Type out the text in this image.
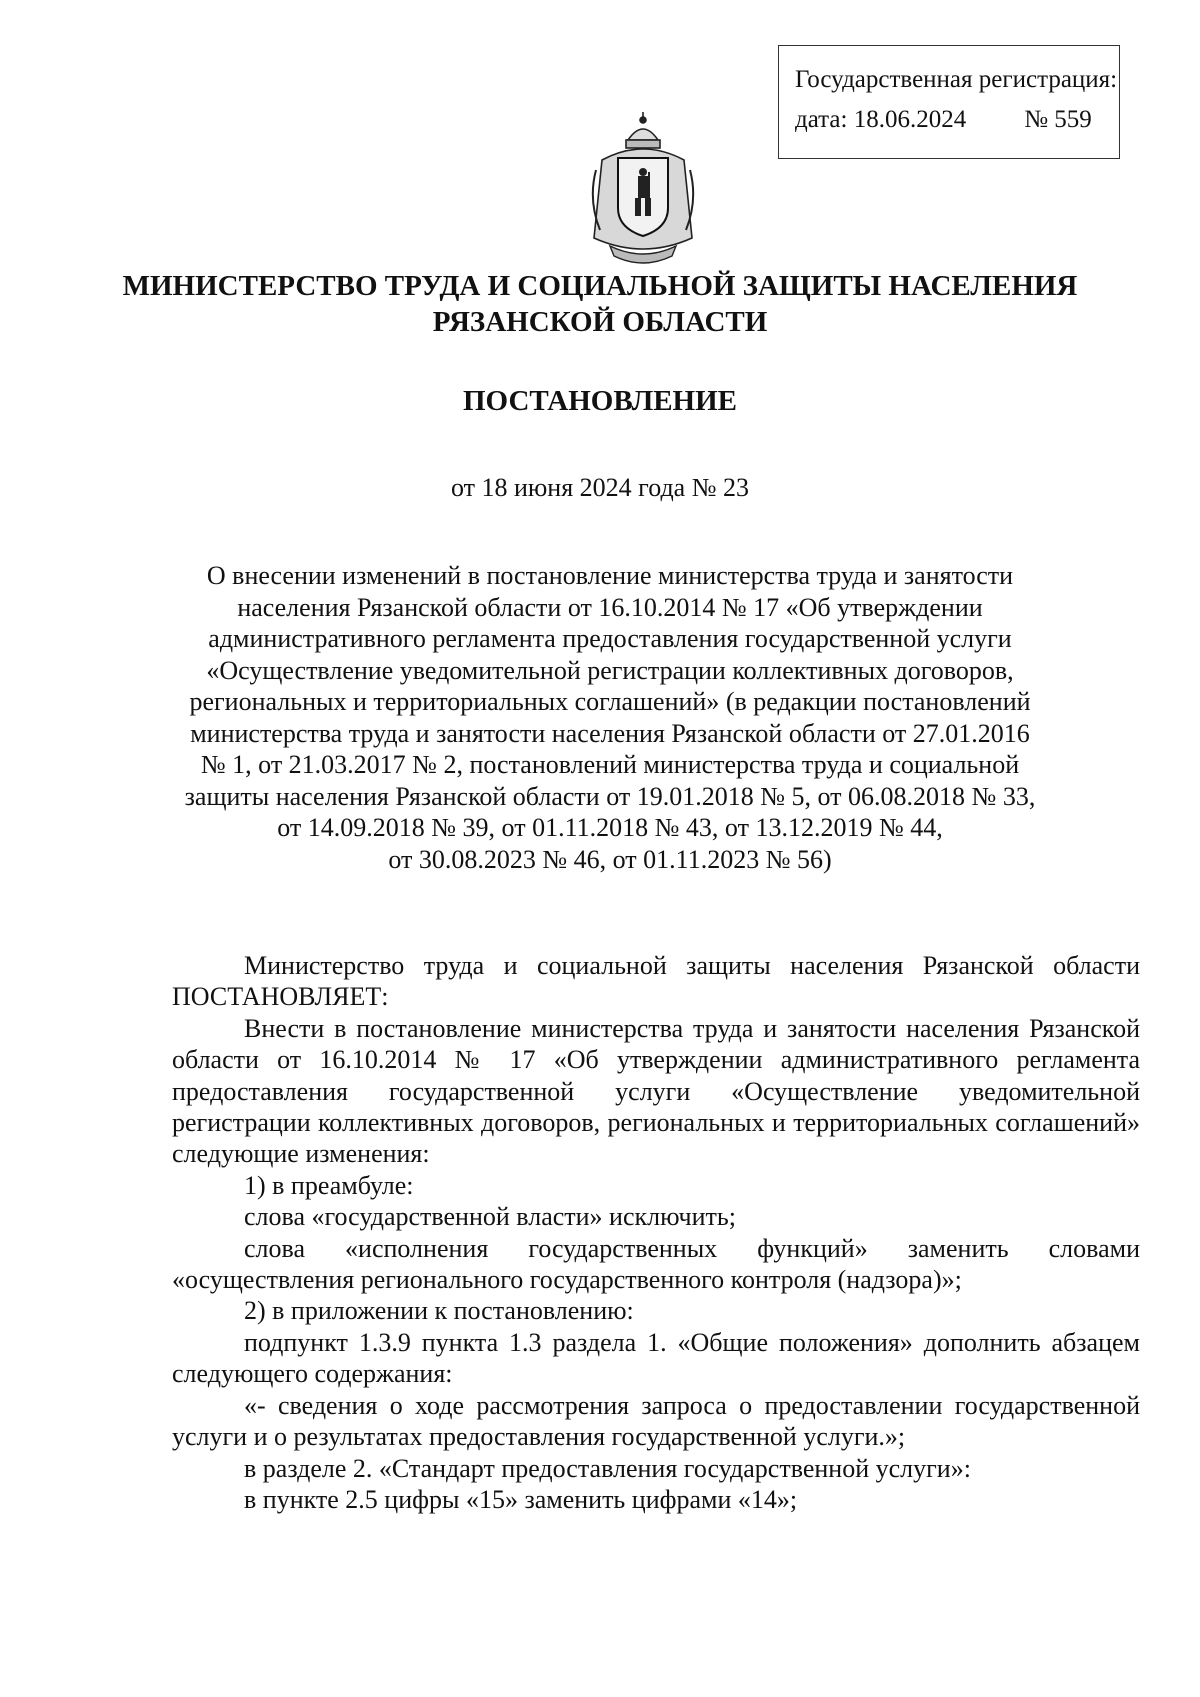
Государственная регистрация:
дата: 18.06.2024 № 559
МИНИСТЕРСТВО ТРУДА И СОЦИАЛЬНОЙ ЗАЩИТЫ НАСЕЛЕНИЯ
РЯЗАНСКОЙ ОБЛАСТИ
ПОСТАНОВЛЕНИЕ
от 18 июня 2024 года № 23
О внесении изменений в постановление министерства труда и занятости
населения Рязанской области от 16.10.2014 № 17 «Об утверждении
административного регламента предоставления государственной услуги
«Осуществление уведомительной регистрации коллективных договоров,
региональных и территориальных соглашений» (в редакции постановлений
министерства труда и занятости населения Рязанской области от 27.01.2016
№ 1, от 21.03.2017 № 2, постановлений министерства труда и социальной
защиты населения Рязанской области от 19.01.2018 № 5, от 06.08.2018 № 33,
от 14.09.2018 № 39, от 01.11.2018 № 43, от 13.12.2019 № 44,
от 30.08.2023 № 46, от 01.11.2023 № 56)

Министерство труда и социальной защиты населения Рязанской области ПОСТАНОВЛЯЕТ:

Внести в постановление министерства труда и занятости населения Рязанской области от 16.10.2014 № 17 «Об утверждении административного регламента предоставления государственной услуги «Осуществление уведомительной регистрации коллективных договоров, региональных и территориальных соглашений» следующие изменения:

1) в преамбуле:

слова «государственной власти» исключить;

слова «исполнения государственных функций» заменить словами «осуществления регионального государственного контроля (надзора)»;

2) в приложении к постановлению:

подпункт 1.3.9 пункта 1.3 раздела 1. «Общие положения» дополнить абзацем следующего содержания:

«- сведения о ходе рассмотрения запроса о предоставлении государственной услуги и о результатах предоставления государственной услуги.»;

в разделе 2. «Стандарт предоставления государственной услуги»:

в пункте 2.5 цифры «15» заменить цифрами «14»;
